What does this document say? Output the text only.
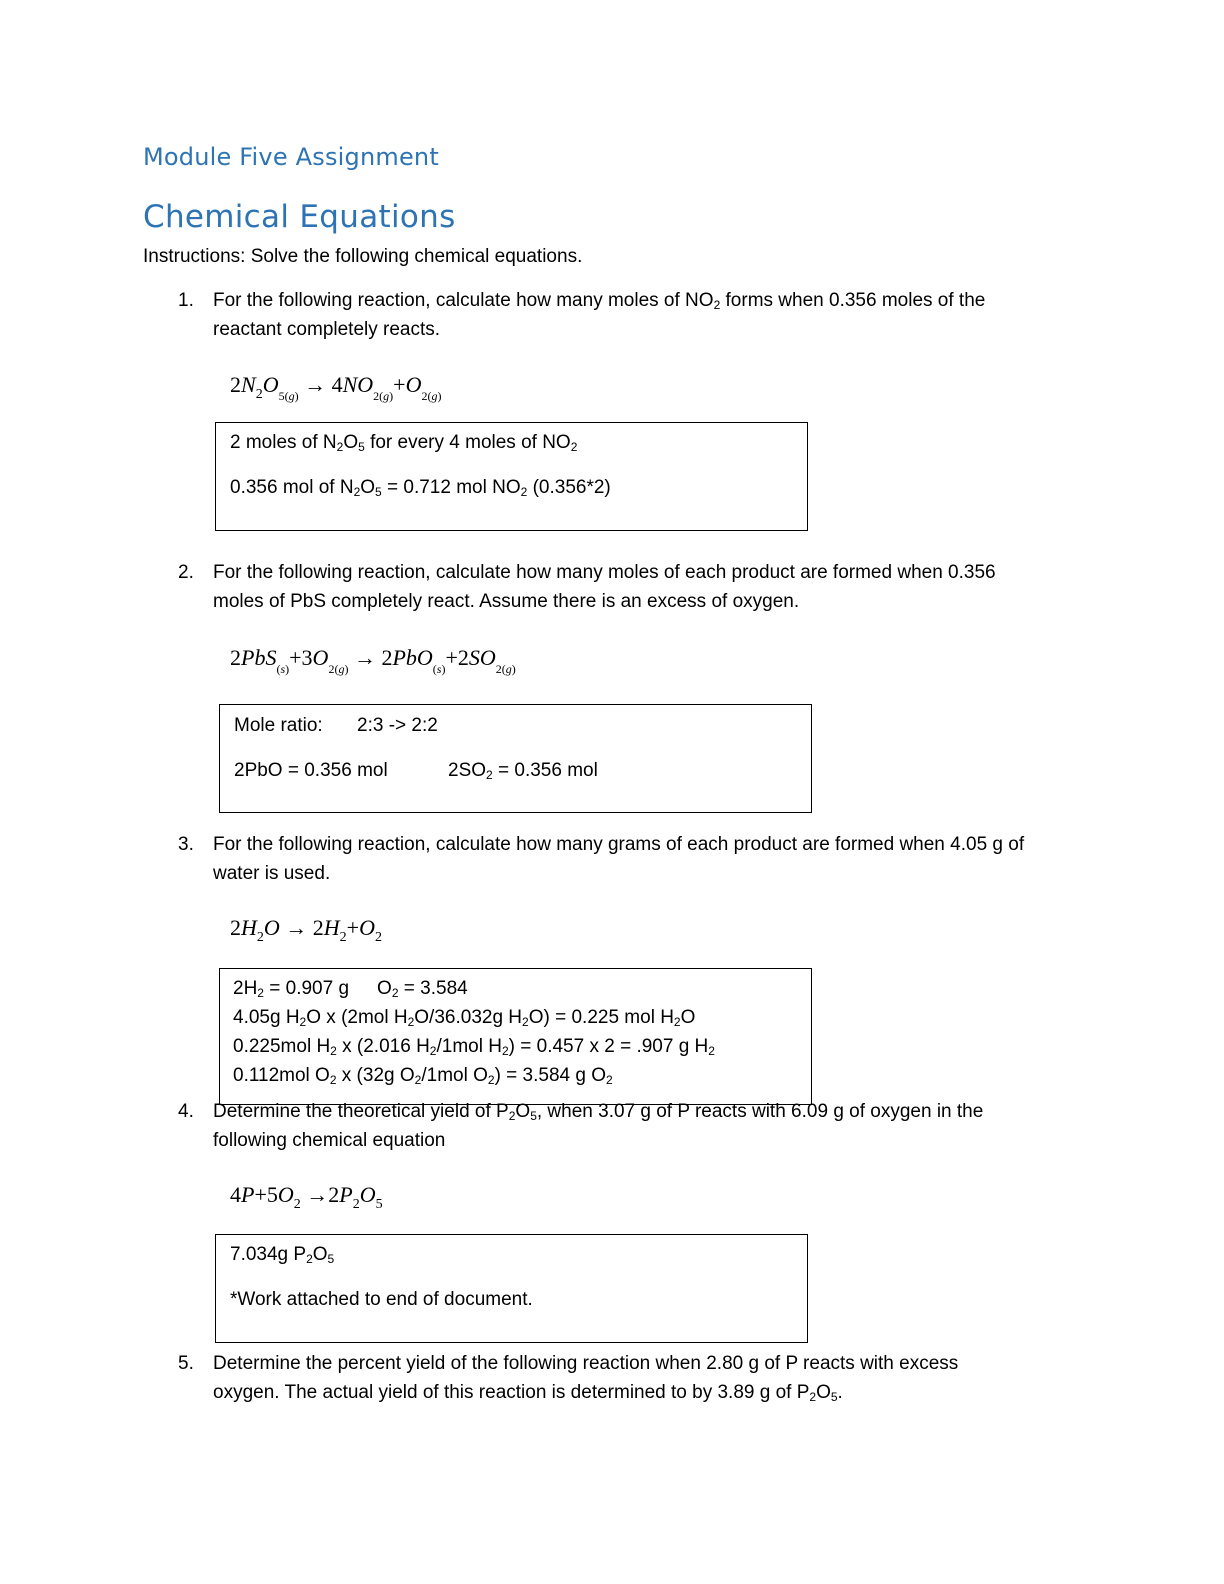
Module Five Assignment
Chemical Equations
Instructions: Solve the following chemical equations.
1. For the following reaction, calculate how many moles of $NO_2$ forms when 0.356 moles of the
reactant completely reacts.
$2N_2O_{5(g)} \to 4NO_{2(g)}+O_{2(g)}$
2 moles of $N_2O_5$ for every 4 moles of $NO_2$
0.356 mol of $N_2O_5 = 0.712$ mol $NO_2$ (0.356*2)
2. For the following reaction, calculate how many moles of each product are formed when 0.356
moles of PbS completely react. Assume there is an excess of oxygen.
$2PbS_{(s)}+3O_{2(g)} \to 2PbO_{(s)}+2SO_{2(g)}$
Mole ratio: 2:3 -> 2:2
2PbO = 0.356 mol	$2SO_2 = 0.356$ mol
3. For the following reaction, calculate how many grams of each product are formed when 4.05 g of
water is used.
$2H_2O \to 2H_2+O_2$
$2H_2 = 0.907$ g $O_2 = 3.584$
4.05g $H_2O$ x (2mol $H_2O/36.032g$ $H_2O) = 0.225$ mol $H_2O$
0.225mol $H_2$ x (2.016 $H_2/1mol$ $H_2) = 0.457$ x 2 = .907 g $H_2$
0.112mol $O_2$ x (32g $O_2/1mol$ $O_2) = 3.584$ g $O_2$
4. Determine the theoretical yield of $P_2O_5$, when 3.07 g of P reacts with 6.09 g of oxygen in the
following chemical equation
$4P+5O_2 \to 2P_2O_5$
7.034g $P_2O_5$
*Work attached to end of document.
5. Determine the percent yield of the following reaction when 2.80 g of P reacts with excess
oxygen. The actual yield of this reaction is determined to by 3.89 g of $P_2O_5$.
